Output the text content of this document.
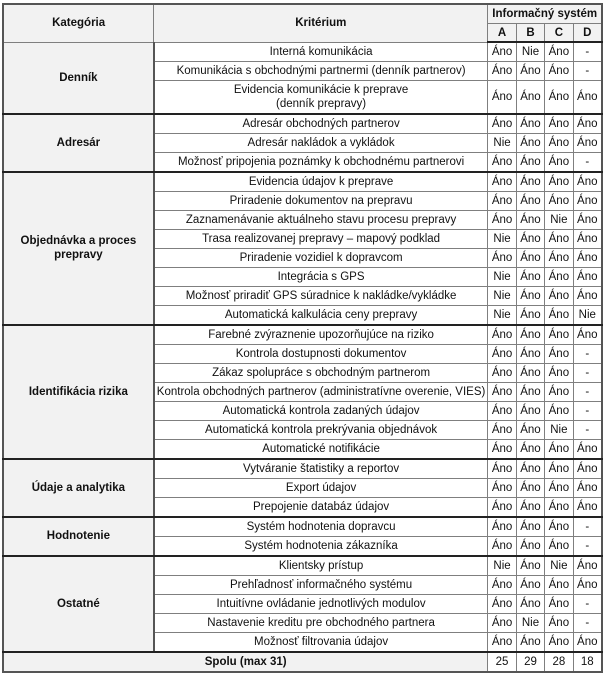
Kategória	Kritérium	Informačný systém			
		A	B	C	D
Denník	Interná komunikácia	Áno	Nie	Áno	-
	Komunikácia s obchodnými partnermi (denník partnerov)	Áno	Áno	Áno	-
	Evidencia komunikácie k preprave (denník prepravy)	Áno	Áno	Áno	Áno
Adresár	Adresár obchodných partnerov	Áno	Áno	Áno	Áno
	Adresár nakládok a vykládok	Nie	Áno	Áno	Áno
	Možnosť pripojenia poznámky k obchodnému partnerovi	Áno	Áno	Áno	-
Objednávka a proces prepravy	Evidencia údajov k preprave	Áno	Áno	Áno	Áno
	Priradenie dokumentov na prepravu	Áno	Áno	Áno	Áno
	Zaznamenávanie aktuálneho stavu procesu prepravy	Áno	Áno	Nie	Áno
	Trasa realizovanej prepravy – mapový podklad	Nie	Áno	Áno	Áno
	Priradenie vozidiel k dopravcom	Áno	Áno	Áno	Áno
	Integrácia s GPS	Nie	Áno	Áno	Áno
	Možnosť priradiť GPS súradnice k nakládke/vykládke	Nie	Áno	Áno	Áno
	Automatická kalkulácia ceny prepravy	Nie	Áno	Áno	Nie
Identifikácia rizika	Farebné zvýraznenie upozorňujúce na riziko	Áno	Áno	Áno	Áno
	Kontrola dostupnosti dokumentov	Áno	Áno	Áno	-
	Zákaz spolupráce s obchodným partnerom	Áno	Áno	Áno	-
	Kontrola obchodných partnerov (administratívne overenie, VIES)	Áno	Áno	Áno	-
	Automatická kontrola zadaných údajov	Áno	Áno	Áno	-
	Automatická kontrola prekrývania objednávok	Áno	Áno	Nie	-
	Automatické notifikácie	Áno	Áno	Áno	Áno
Údaje a analytika	Vytváranie štatistiky a reportov	Áno	Áno	Áno	Áno
	Export údajov	Áno	Áno	Áno	Áno
	Prepojenie databáz údajov	Áno	Áno	Áno	Áno
Hodnotenie	Systém hodnotenia dopravcu	Áno	Áno	Áno	-
	Systém hodnotenia zákazníka	Áno	Áno	Áno	-
Ostatné	Klientsky prístup	Nie	Áno	Nie	Áno
	Prehľadnosť informačného systému	Áno	Áno	Áno	Áno
	Intuitívne ovládanie jednotlivých modulov	Áno	Áno	Áno	-
	Nastavenie kreditu pre obchodného partnera	Áno	Nie	Áno	-
	Možnosť filtrovania údajov	Áno	Áno	Áno	Áno
Spolu (max 31)		25	29	28	18
